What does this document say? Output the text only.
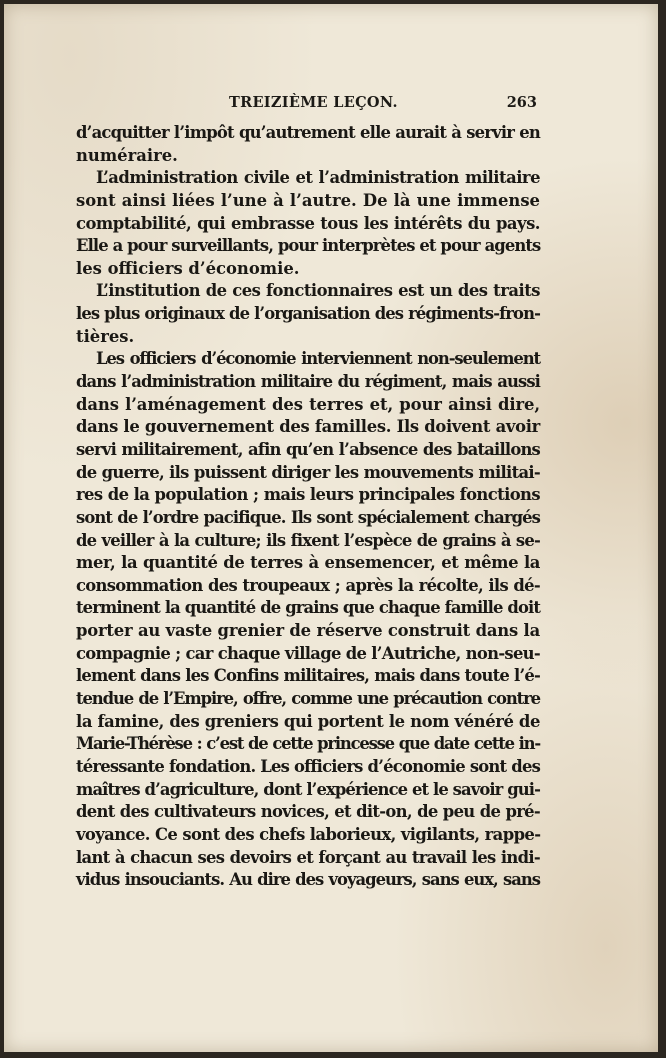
TREIZIÈME LEÇON.	263
d’acquitter l’impôt qu’autrement elle aurait à servir en
numéraire.
L’administration civile et l’administration militaire
sont ainsi liées l’une à l’autre. De là une immense
comptabilité, qui embrasse tous les intérêts du pays.
Elle a pour surveillants, pour interprètes et pour agents
les officiers d’économie.
L’institution de ces fonctionnaires est un des traits
les plus originaux de l’organisation des régiments-fron-
tières.
Les officiers d’économie interviennent non-seulement
dans l’administration militaire du régiment, mais aussi
dans l’aménagement des terres et, pour ainsi dire,
dans le gouvernement des familles. Ils doivent avoir
servi militairement, afin qu’en l’absence des bataillons
de guerre, ils puissent diriger les mouvements militai-
res de la population ; mais leurs principales fonctions
sont de l’ordre pacifique. Ils sont spécialement chargés
de veiller à la culture; ils fixent l’espèce de grains à se-
mer, la quantité de terres à ensemencer, et même la
consommation des troupeaux ; après la récolte, ils dé-
terminent la quantité de grains que chaque famille doit
porter au vaste grenier de réserve construit dans la
compagnie ; car chaque village de l’Autriche, non-seu-
lement dans les Confins militaires, mais dans toute l’é-
tendue de l’Empire, offre, comme une précaution contre
la famine, des greniers qui portent le nom vénéré de
Marie-Thérèse : c’est de cette princesse que date cette in-
téressante fondation. Les officiers d’économie sont des
maîtres d’agriculture, dont l’expérience et le savoir gui-
dent des cultivateurs novices, et dit-on, de peu de pré-
voyance. Ce sont des chefs laborieux, vigilants, rappe-
lant à chacun ses devoirs et forçant au travail les indi-
vidus insouciants. Au dire des voyageurs, sans eux, sans
